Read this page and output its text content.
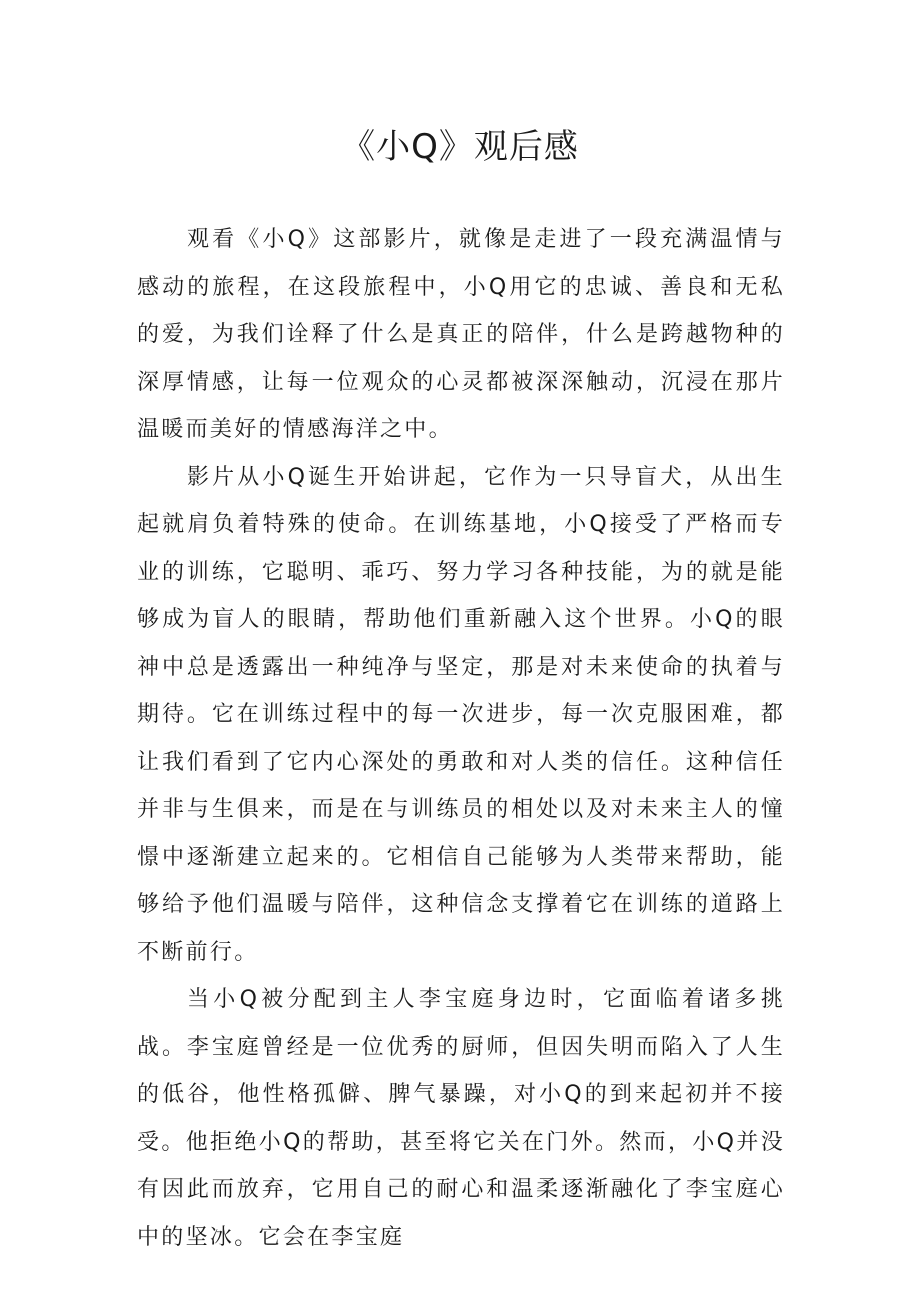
《小Q》观后感

观看《小Q》这部影片，就像是走进了一段充满温情与感动的旅程，在这段旅程中，小Q用它的忠诚、善良和无私的爱，为我们诠释了什么是真正的陪伴，什么是跨越物种的深厚情感，让每一位观众的心灵都被深深触动，沉浸在那片温暖而美好的情感海洋之中。

影片从小Q诞生开始讲起，它作为一只导盲犬，从出生起就肩负着特殊的使命。在训练基地，小Q接受了严格而专业的训练，它聪明、乖巧、努力学习各种技能，为的就是能够成为盲人的眼睛，帮助他们重新融入这个世界。小Q的眼神中总是透露出一种纯净与坚定，那是对未来使命的执着与期待。它在训练过程中的每一次进步，每一次克服困难，都让我们看到了它内心深处的勇敢和对人类的信任。这种信任并非与生俱来，而是在与训练员的相处以及对未来主人的憧憬中逐渐建立起来的。它相信自己能够为人类带来帮助，能够给予他们温暖与陪伴，这种信念支撑着它在训练的道路上不断前行。

当小Q被分配到主人李宝庭身边时，它面临着诸多挑战。李宝庭曾经是一位优秀的厨师，但因失明而陷入了人生的低谷，他性格孤僻、脾气暴躁，对小Q的到来起初并不接受。他拒绝小Q的帮助，甚至将它关在门外。然而，小Q并没有因此而放弃，它用自己的耐心和温柔逐渐融化了李宝庭心中的坚冰。它会在李宝庭
